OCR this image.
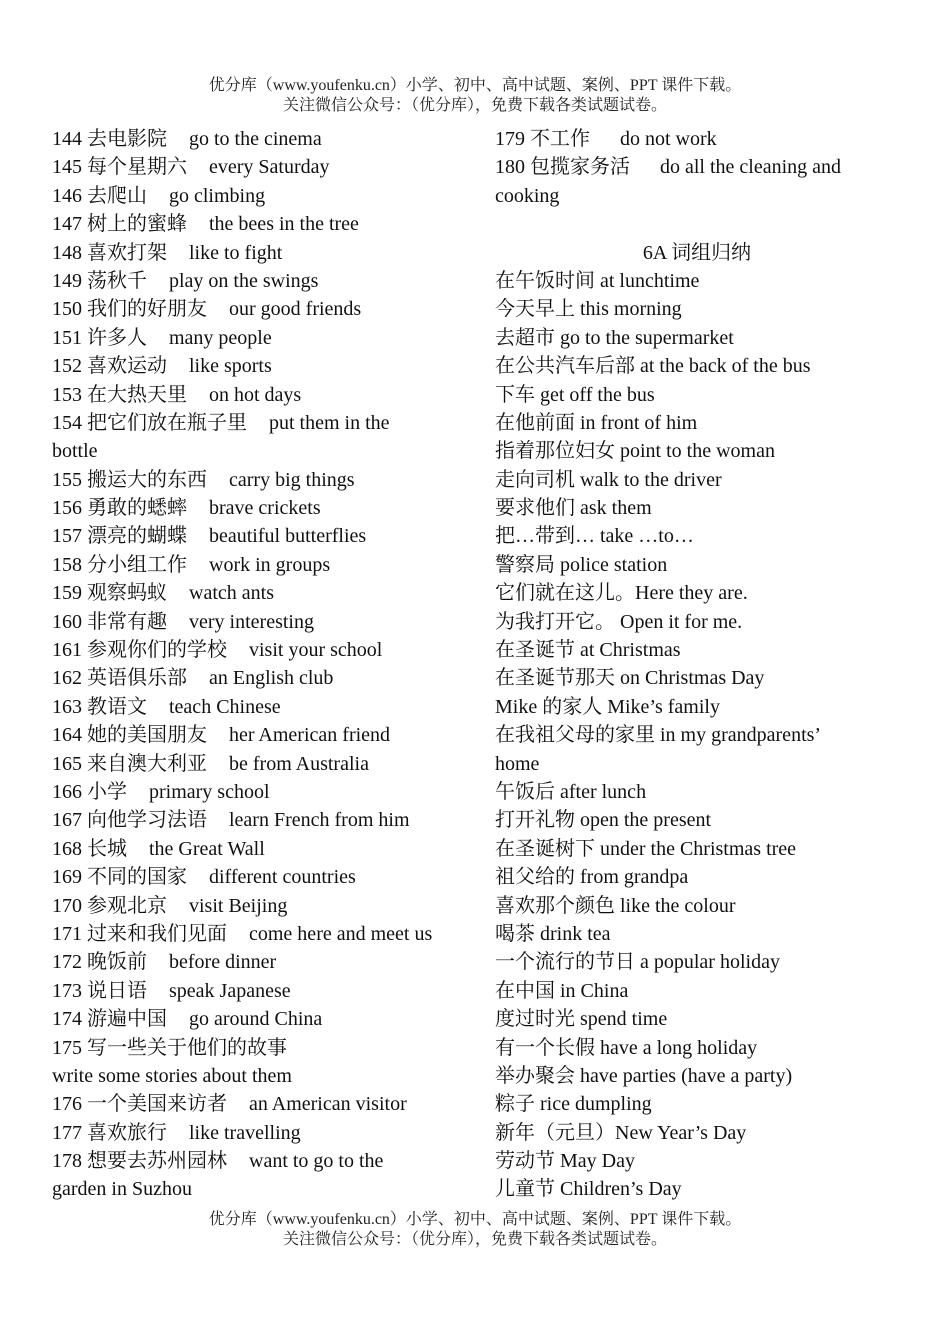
优分库（www.youfenku.cn）小学、初中、高中试题、案例、PPT 课件下载。
关注微信公众号：（优分库），免费下载各类试题试卷。
144 去电影院 go to the cinema
145 每个星期六 every Saturday
146 去爬山 go climbing
147 树上的蜜蜂 the bees in the tree
148 喜欢打架 like to fight
149 荡秋千 play on the swings
150 我们的好朋友 our good friends
151 许多人 many people
152 喜欢运动 like sports
153 在大热天里 on hot days
154 把它们放在瓶子里 put them in the
bottle
155 搬运大的东西 carry big things
156 勇敢的蟋蟀 brave crickets
157 漂亮的蝴蝶 beautiful butterflies
158 分小组工作 work in groups
159 观察蚂蚁 watch ants
160 非常有趣 very interesting
161 参观你们的学校 visit your school
162 英语俱乐部 an English club
163 教语文 teach Chinese
164 她的美国朋友 her American friend
165 来自澳大利亚 be from Australia
166 小学 primary school
167 向他学习法语 learn French from him
168 长城 the Great Wall
169 不同的国家 different countries
170 参观北京 visit Beijing
171 过来和我们见面 come here and meet us
172 晚饭前 before dinner
173 说日语 speak Japanese
174 游遍中国 go around China
175 写一些关于他们的故事
write some stories about them
176 一个美国来访者 an American visitor
177 喜欢旅行 like travelling
178 想要去苏州园林 want to go to the
garden in Suzhou
179 不工作 do not work
180 包揽家务活 do all the cleaning and
cooking
6A 词组归纳
在午饭时间 at lunchtime
今天早上 this morning
去超市 go to the supermarket
在公共汽车后部 at the back of the bus
下车 get off the bus
在他前面 in front of him
指着那位妇女 point to the woman
走向司机 walk to the driver
要求他们 ask them
把…带到… take …to…
警察局 police station
它们就在这儿。Here they are.
为我打开它。 Open it for me.
在圣诞节 at Christmas
在圣诞节那天 on Christmas Day
Mike 的家人 Mike’s family
在我祖父母的家里 in my grandparents’
home
午饭后 after lunch
打开礼物 open the present
在圣诞树下 under the Christmas tree
祖父给的 from grandpa
喜欢那个颜色 like the colour
喝茶 drink tea
一个流行的节日 a popular holiday
在中国 in China
度过时光 spend time
有一个长假 have a long holiday
举办聚会 have parties (have a party)
粽子 rice dumpling
新年（元旦）New Year’s Day
劳动节 May Day
儿童节 Children’s Day
优分库（www.youfenku.cn）小学、初中、高中试题、案例、PPT 课件下载。
关注微信公众号：（优分库），免费下载各类试题试卷。
